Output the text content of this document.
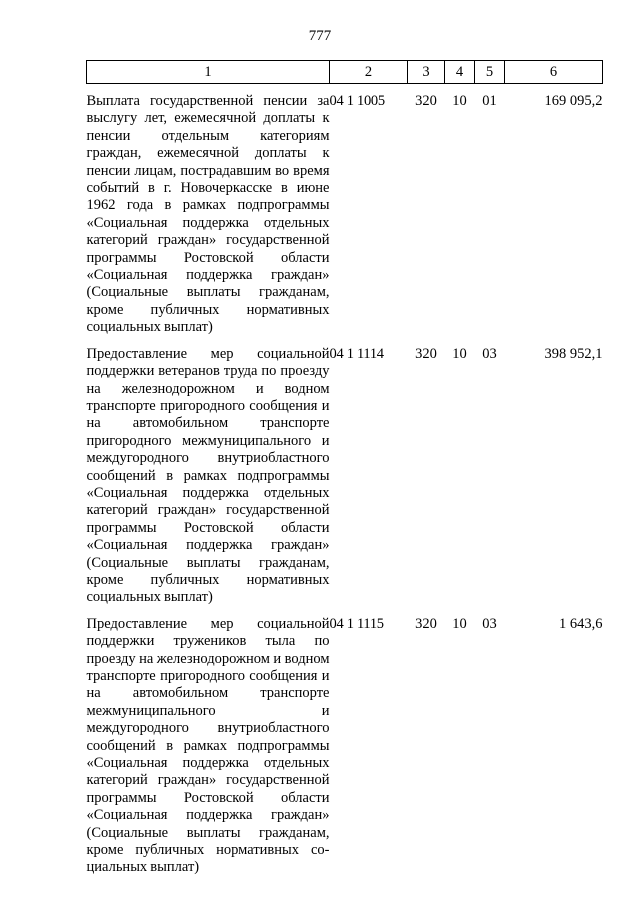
777
1	2	3	4	5	6

Выплата государственной пенсии за выслугу лет, ежемесячной доплаты к пенсии отдельным категориям граждан, ежемесячной доплаты к пенсии лицам, пострадавшим во время событий в г. Новочеркасске в июне 1962 года в рамках подпрограммы «Социальная поддержка отдельных категорий граждан» государственной программы Ростовской области «Социальная поддержка граждан» (Социальные выплаты гражданам, кроме публичных нормативных социальных выплат)	04 1 1005	320	10	01	169 095,2

Предоставление мер социальной поддержки ветеранов труда по проезду на железнодорожном и водном транспорте пригородного сообщения и на автомобильном транспорте пригородного межмуниципального и междугородного внутриобластного сообщений в рамках подпрограммы «Социальная поддержка отдельных категорий граждан» государственной программы Ростовской области «Социальная поддержка граждан» (Социальные выплаты гражданам, кроме публичных нормативных социальных выплат)	04 1 1114	320	10	03	398 952,1

Предоставление мер социальной поддержки тружеников тыла по проезду на железнодорожном и водном транспорте пригородного сообщения и на автомобильном транспорте межмуниципального и междугородного внутриобластного сообщений в рамках подпрограммы «Социальная поддержка отдельных категорий граждан» государственной программы Ростовской области «Социальная поддержка граждан» (Социальные выплаты гражданам, кроме публичных нормативных социальных выплат)	04 1 1115	320	10	03	1 643,6
